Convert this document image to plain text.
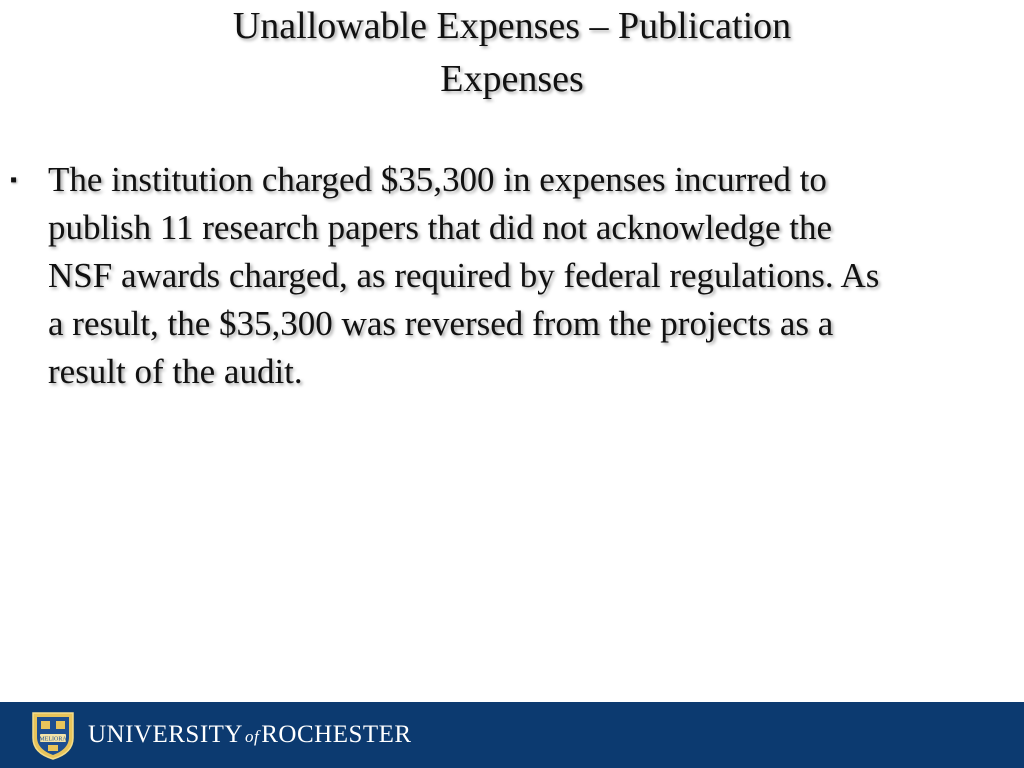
Unallowable Expenses – Publication
Expenses
▪ The institution charged $35,300 in expenses incurred to
publish 11 research papers that did not acknowledge the
NSF awards charged, as required by federal regulations. As
a result, the $35,300 was reversed from the projects as a
result of the audit.
MELIORA UNIVERSITY of ROCHESTER
